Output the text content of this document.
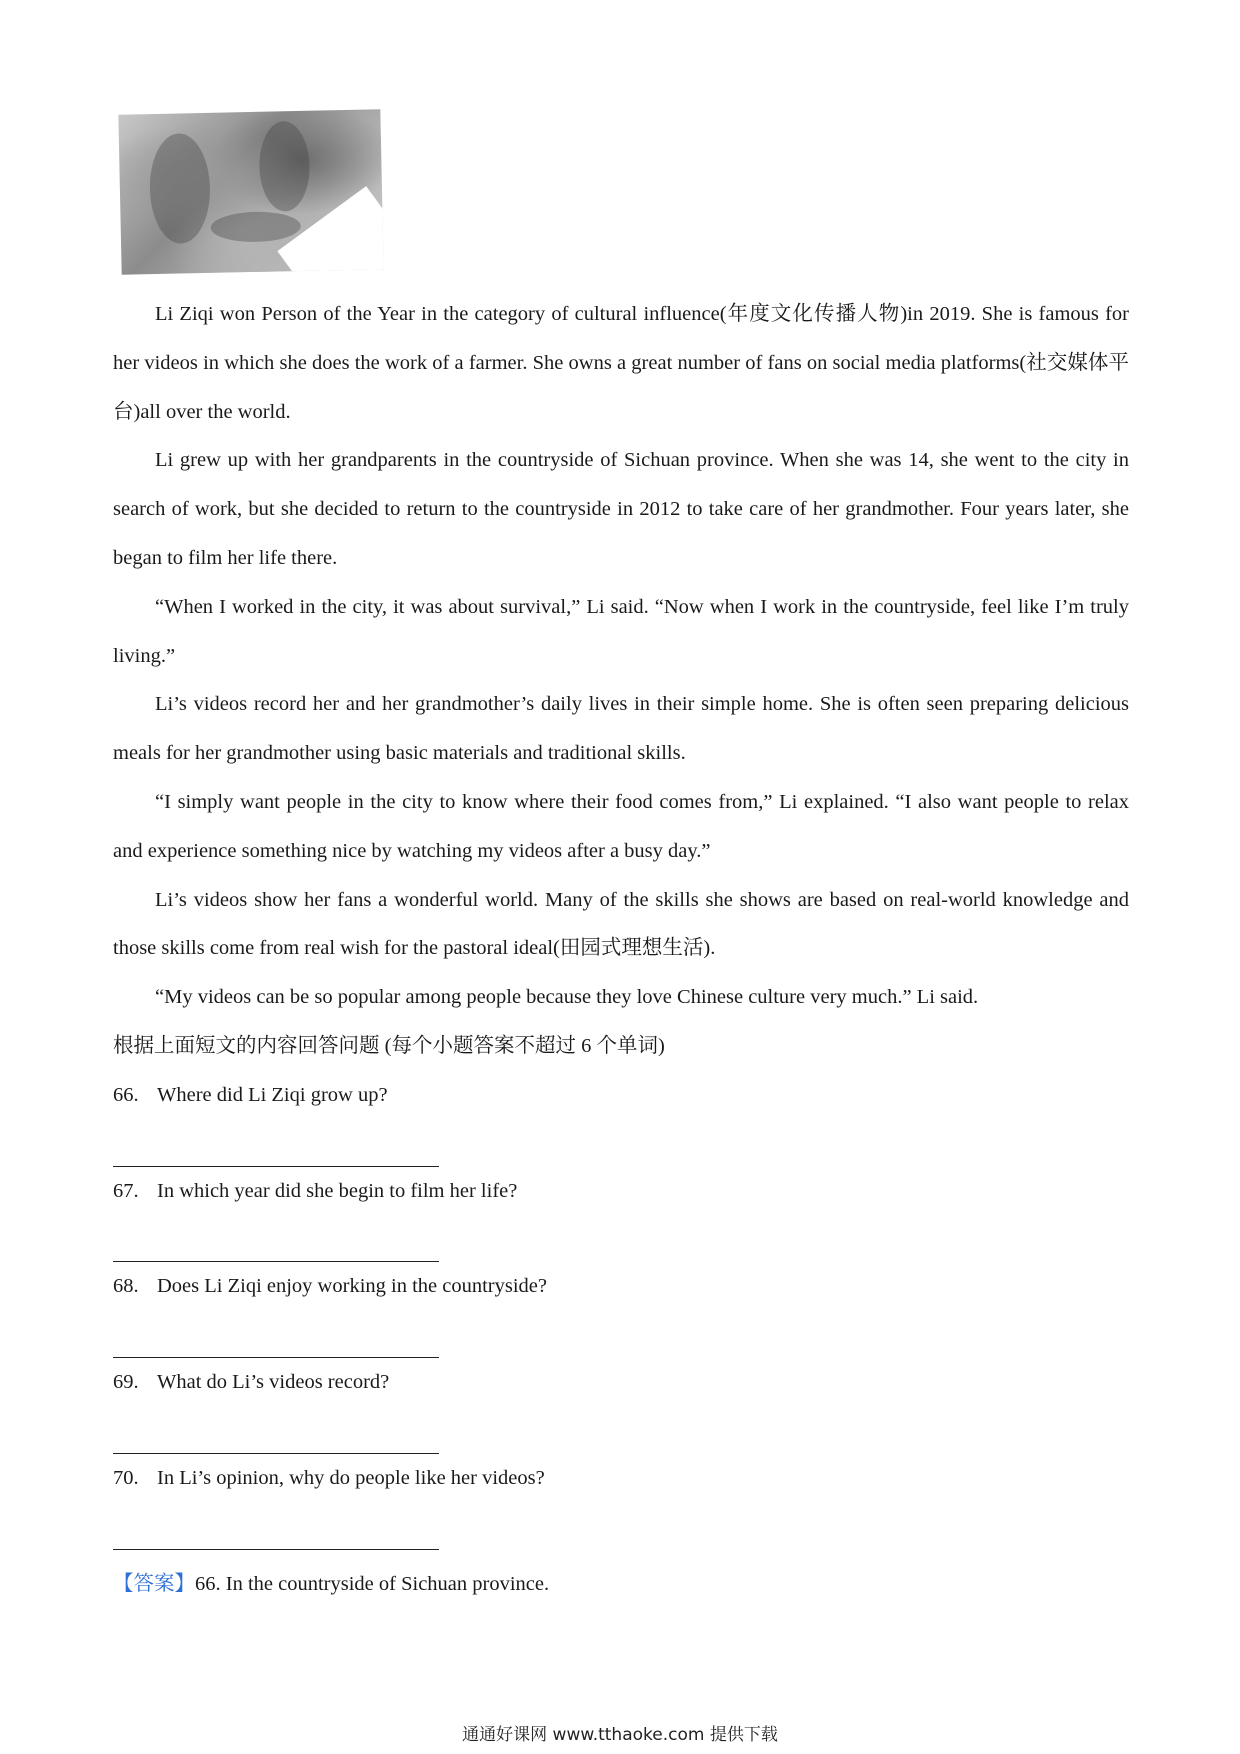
Li Ziqi won Person of the Year in the category of cultural influence(年度文化传播人物)in 2019. She is famous for her videos in which she does the work of a farmer. She owns a great number of fans on social media platforms(社交媒体平台)all over the world.

Li grew up with her grandparents in the countryside of Sichuan province. When she was 14, she went to the city in search of work, but she decided to return to the countryside in 2012 to take care of her grandmother. Four years later, she began to film her life there.

“When I worked in the city, it was about survival,” Li said. “Now when I work in the countryside, feel like I’m truly living.”

Li’s videos record her and her grandmother’s daily lives in their simple home. She is often seen preparing delicious meals for her grandmother using basic materials and traditional skills.

“I simply want people in the city to know where their food comes from,” Li explained. “I also want people to relax and experience something nice by watching my videos after a busy day.”

Li’s videos show her fans a wonderful world. Many of the skills she shows are based on real-world knowledge and those skills come from real wish for the pastoral ideal(田园式理想生活).

“My videos can be so popular among people because they love Chinese culture very much.” Li said.

根据上面短文的内容回答问题 (每个小题答案不超过 6 个单词)

66. Where did Li Ziqi grow up?

67. In which year did she begin to film her life?

68. Does Li Ziqi enjoy working in the countryside?

69. What do Li’s videos record?

70. In Li’s opinion, why do people like her videos?

【答案】66. In the countryside of Sichuan province.

通通好课网 www.tthaoke.com 提供下载
